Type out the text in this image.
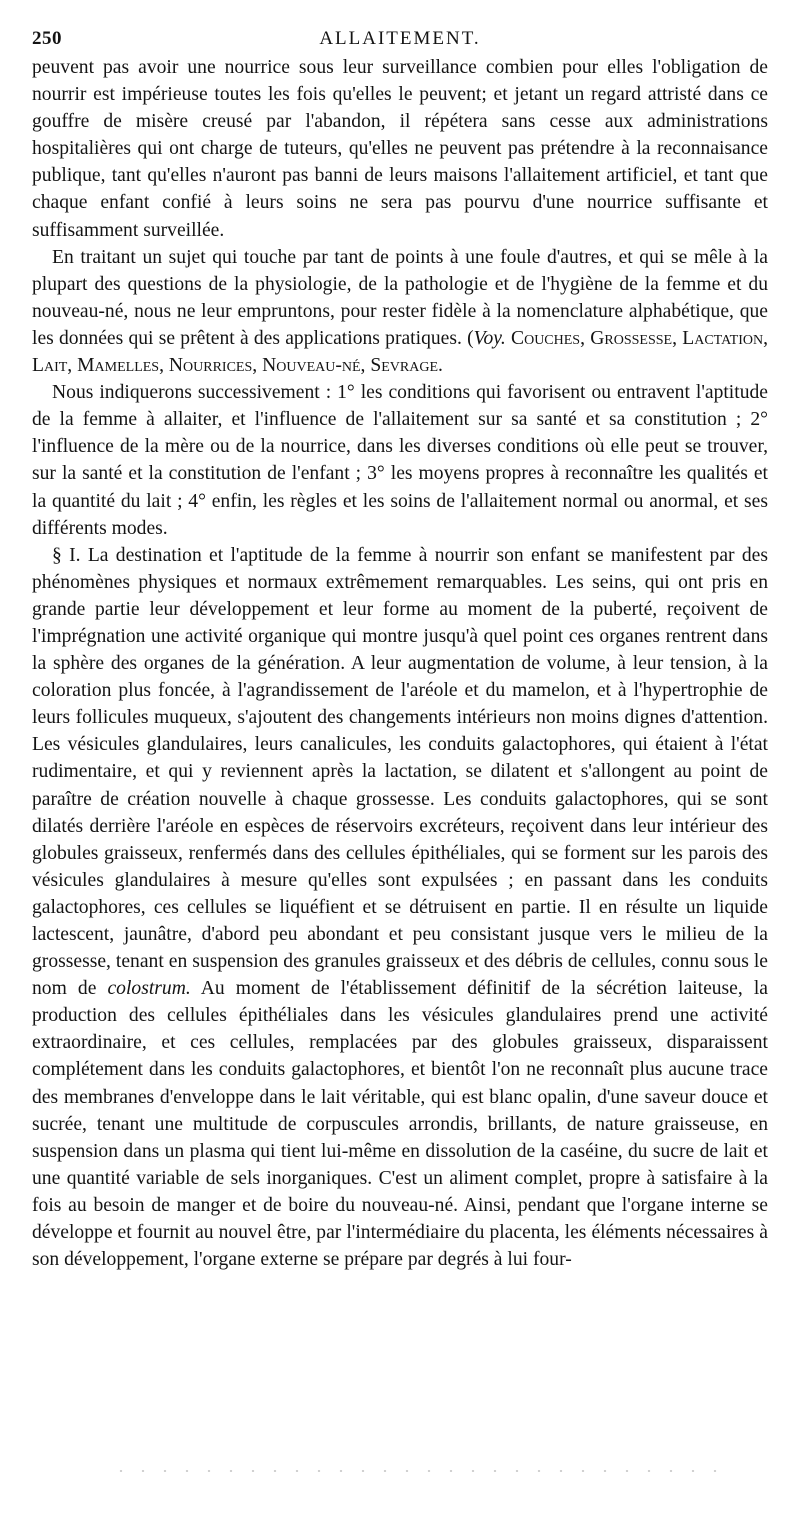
250	ALLAITEMENT.

peuvent pas avoir une nourrice sous leur surveillance combien pour elles l'obligation de nourrir est impérieuse toutes les fois qu'elles le peuvent; et jetant un regard attristé dans ce gouffre de misère creusé par l'abandon, il répétera sans cesse aux administrations hospitalières qui ont charge de tuteurs, qu'elles ne peuvent pas prétendre à la reconnaisance publique, tant qu'elles n'auront pas banni de leurs maisons l'allaitement artificiel, et tant que chaque enfant confié à leurs soins ne sera pas pourvu d'une nourrice suffisante et suffisamment surveillée.

En traitant un sujet qui touche par tant de points à une foule d'autres, et qui se mêle à la plupart des questions de la physiologie, de la pathologie et de l'hygiène de la femme et du nouveau-né, nous ne leur empruntons, pour rester fidèle à la nomenclature alphabétique, que les données qui se prêtent à des applications pratiques. (Voy. Couches, Grossesse, Lactation, Lait, Mamelles, Nourrices, Nouveau-né, Sevrage.

Nous indiquerons successivement : 1° les conditions qui favorisent ou entravent l'aptitude de la femme à allaiter, et l'influence de l'allaitement sur sa santé et sa constitution ; 2° l'influence de la mère ou de la nourrice, dans les diverses conditions où elle peut se trouver, sur la santé et la constitution de l'enfant ; 3° les moyens propres à reconnaître les qualités et la quantité du lait ; 4° enfin, les règles et les soins de l'allaitement normal ou anormal, et ses différents modes.

§ I. La destination et l'aptitude de la femme à nourrir son enfant se manifestent par des phénomènes physiques et normaux extrêmement remarquables. Les seins, qui ont pris en grande partie leur développement et leur forme au moment de la puberté, reçoivent de l'imprégnation une activité organique qui montre jusqu'à quel point ces organes rentrent dans la sphère des organes de la génération. A leur augmentation de volume, à leur tension, à la coloration plus foncée, à l'agrandissement de l'aréole et du mamelon, et à l'hypertrophie de leurs follicules muqueux, s'ajoutent des changements intérieurs non moins dignes d'attention. Les vésicules glandulaires, leurs canalicules, les conduits galactophores, qui étaient à l'état rudimentaire, et qui y reviennent après la lactation, se dilatent et s'allongent au point de paraître de création nouvelle à chaque grossesse. Les conduits galactophores, qui se sont dilatés derrière l'aréole en espèces de réservoirs excréteurs, reçoivent dans leur intérieur des globules graisseux, renfermés dans des cellules épithéliales, qui se forment sur les parois des vésicules glandulaires à mesure qu'elles sont expulsées ; en passant dans les conduits galactophores, ces cellules se liquéfient et se détruisent en partie. Il en résulte un liquide lactescent, jaunâtre, d'abord peu abondant et peu consistant jusque vers le milieu de la grossesse, tenant en suspension des granules graisseux et des débris de cellules, connu sous le nom de colostrum. Au moment de l'établissement définitif de la sécrétion laiteuse, la production des cellules épithéliales dans les vésicules glandulaires prend une activité extraordinaire, et ces cellules, remplacées par des globules graisseux, disparaissent complétement dans les conduits galactophores, et bientôt l'on ne reconnaît plus aucune trace des membranes d'enveloppe dans le lait véritable, qui est blanc opalin, d'une saveur douce et sucrée, tenant une multitude de corpuscules arrondis, brillants, de nature graisseuse, en suspension dans un plasma qui tient lui-même en dissolution de la caséine, du sucre de lait et une quantité variable de sels inorganiques. C'est un aliment complet, propre à satisfaire à la fois au besoin de manger et de boire du nouveau-né. Ainsi, pendant que l'organe interne se développe et fournit au nouvel être, par l'intermédiaire du placenta, les éléments nécessaires à son développement, l'organe externe se prépare par degrés à lui four-
